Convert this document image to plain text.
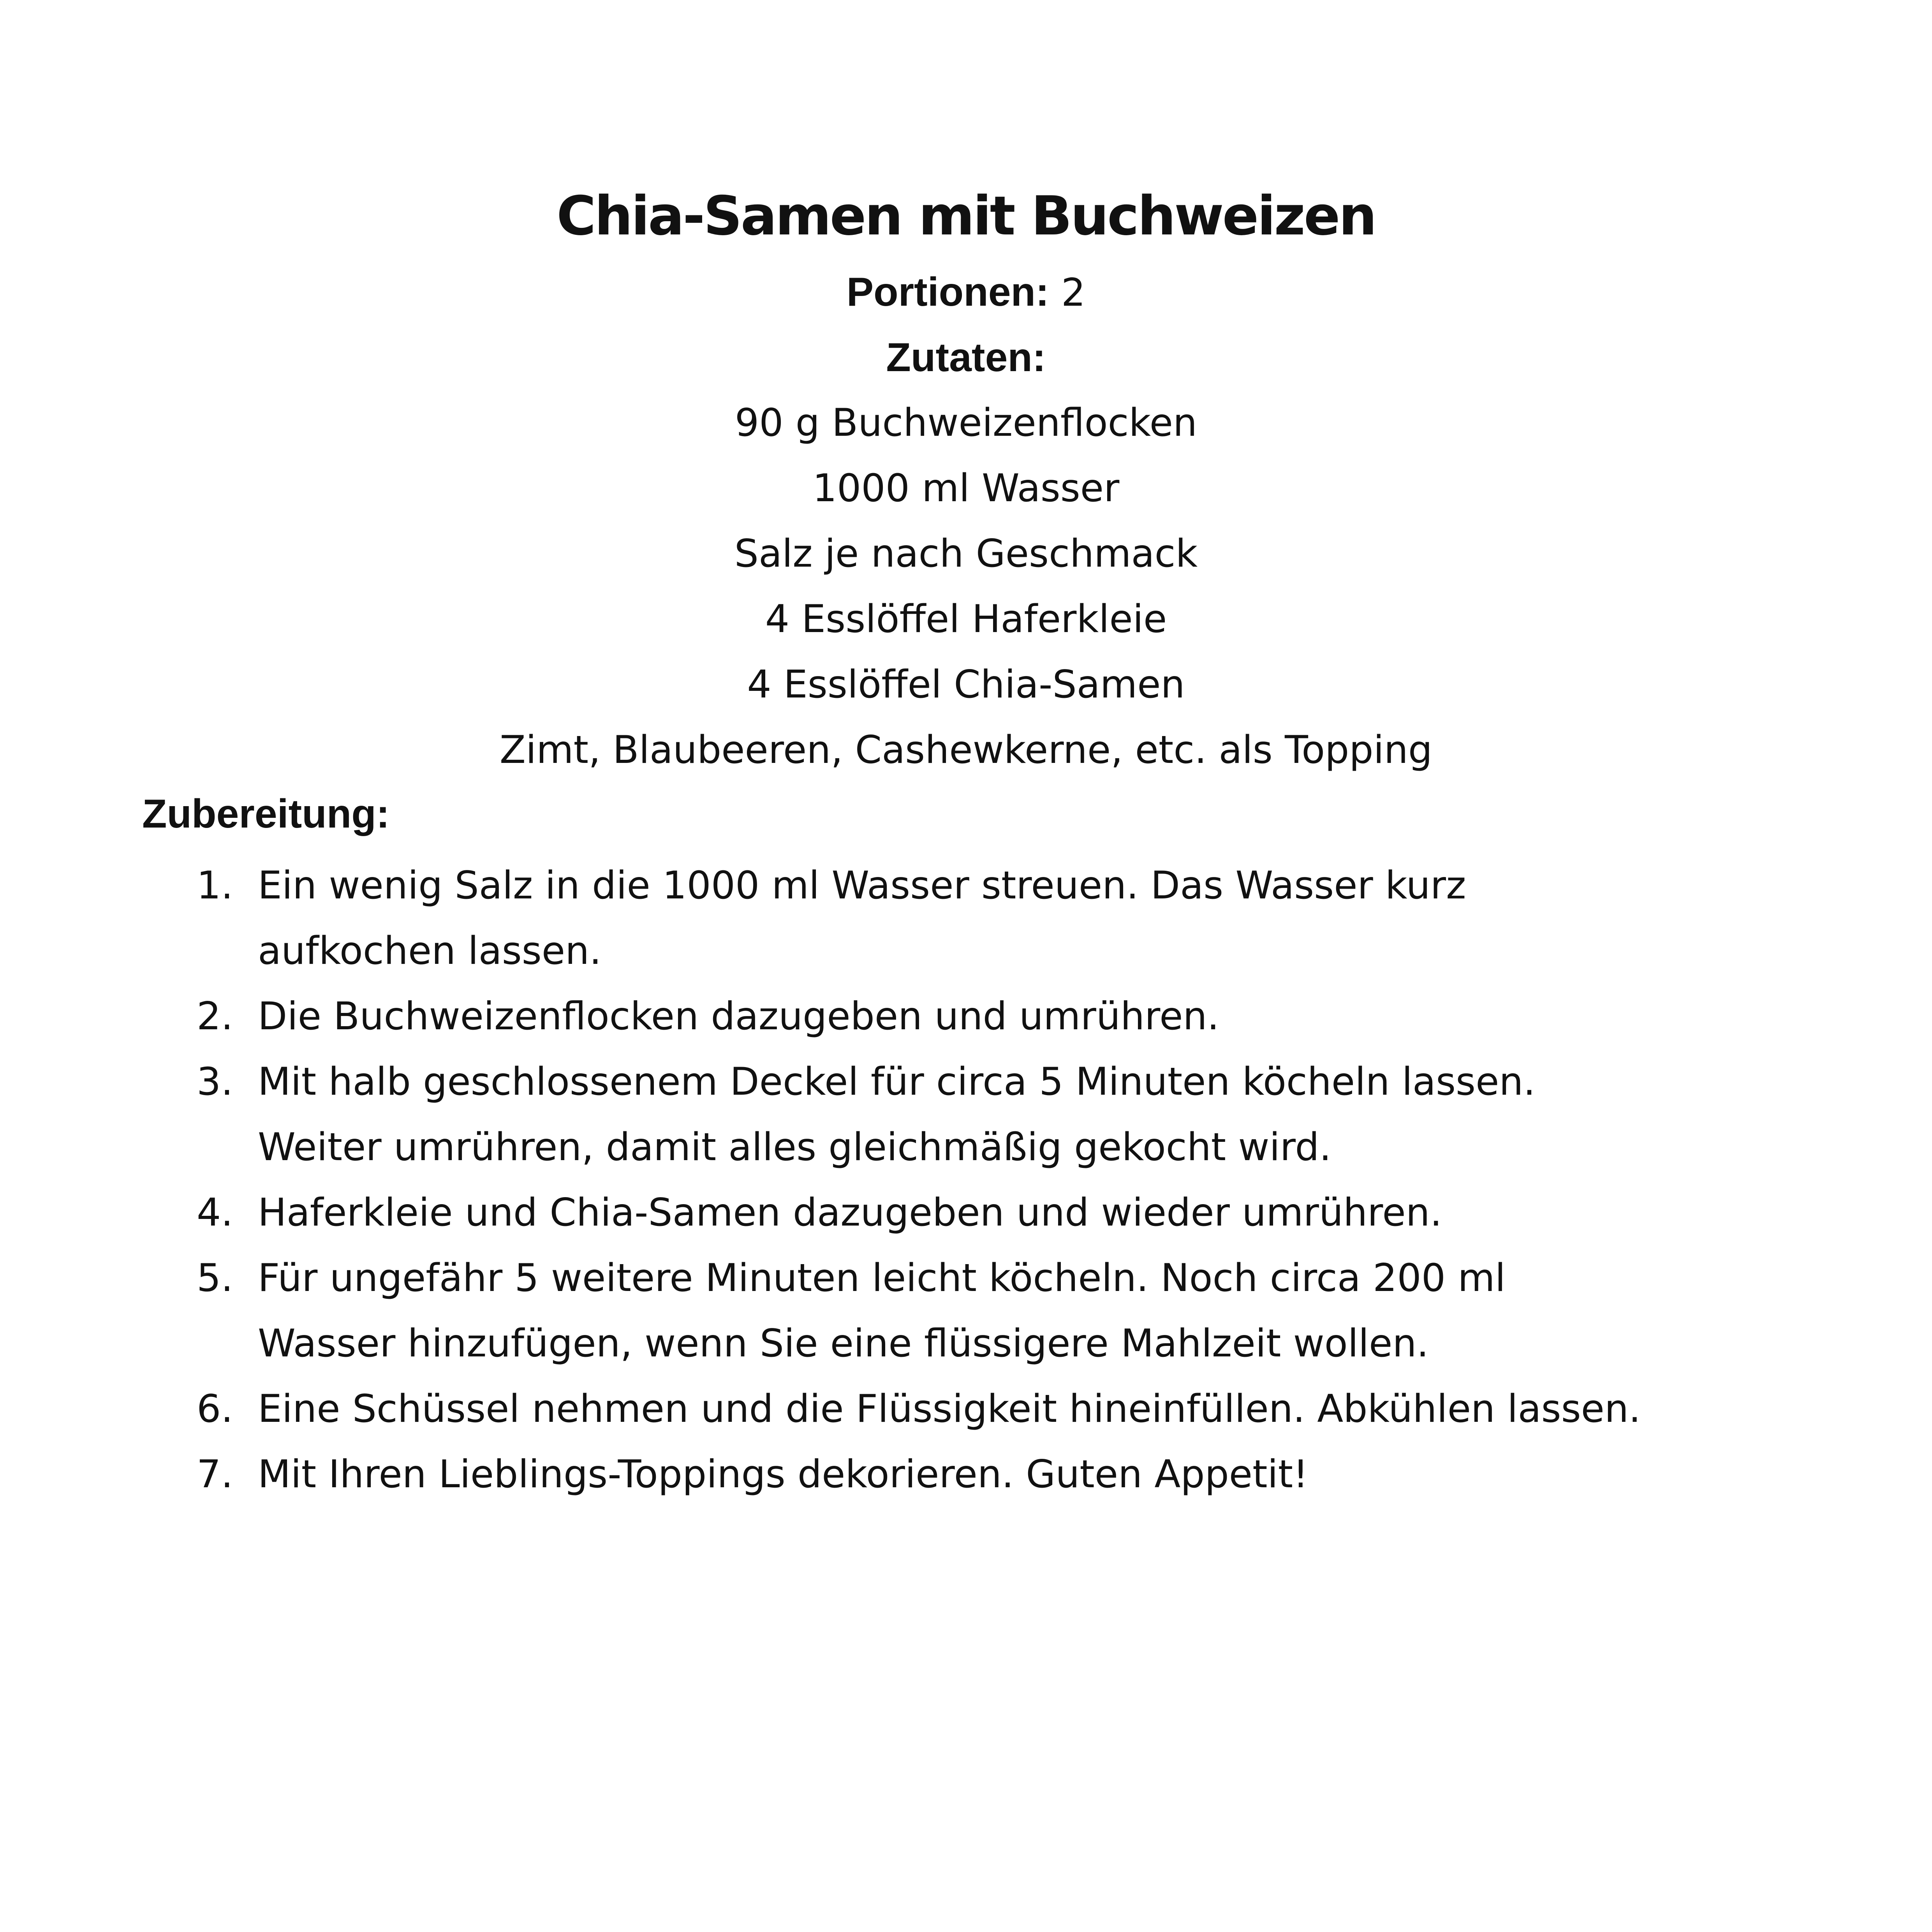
Chia-Samen mit Buchweizen
Portionen: 2
Zutaten:
90 g Buchweizenflocken
1000 ml Wasser
Salz je nach Geschmack
4 Esslöffel Haferkleie
4 Esslöffel Chia-Samen
Zimt, Blaubeeren, Cashewkerne, etc. als Topping
Zubereitung:
1. Ein wenig Salz in die 1000 ml Wasser streuen. Das Wasser kurz aufkochen lassen.
2. Die Buchweizenflocken dazugeben und umrühren.
3. Mit halb geschlossenem Deckel für circa 5 Minuten köcheln lassen. Weiter umrühren, damit alles gleichmäßig gekocht wird.
4. Haferkleie und Chia-Samen dazugeben und wieder umrühren.
5. Für ungefähr 5 weitere Minuten leicht köcheln. Noch circa 200 ml Wasser hinzufügen, wenn Sie eine flüssigere Mahlzeit wollen.
6. Eine Schüssel nehmen und die Flüssigkeit hineinfüllen. Abkühlen lassen.
7. Mit Ihren Lieblings-Toppings dekorieren. Guten Appetit!
